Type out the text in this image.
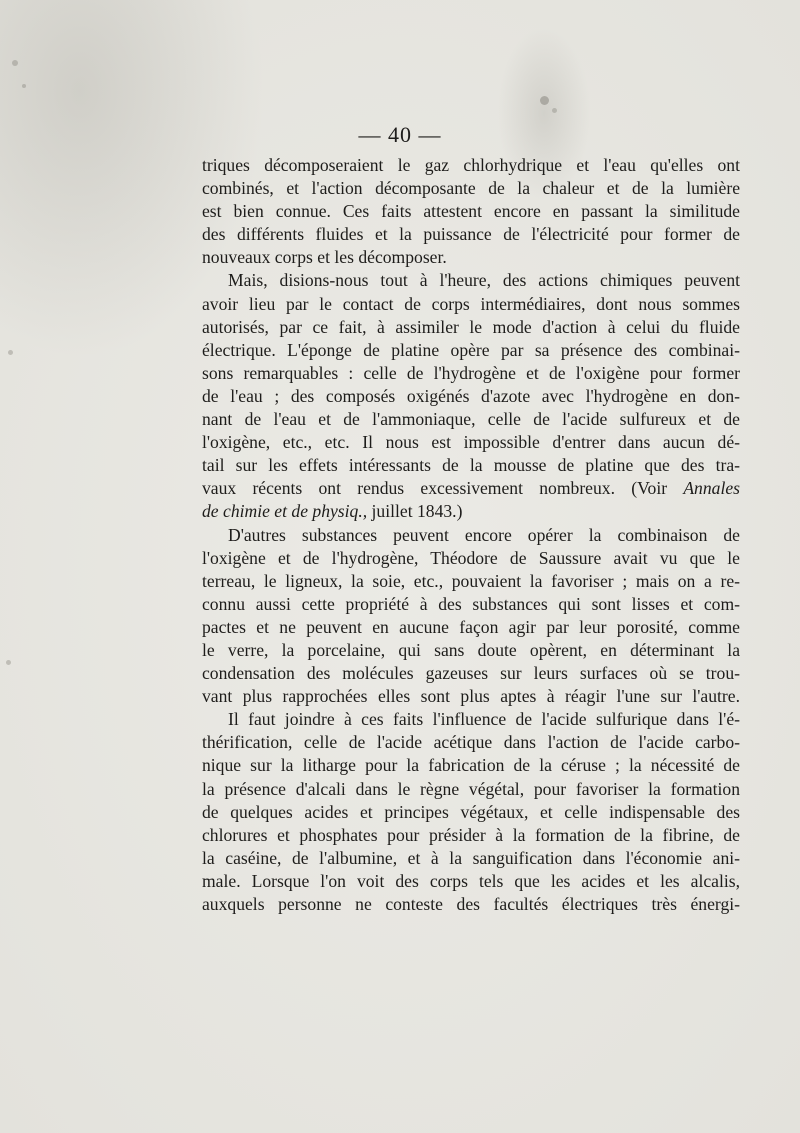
— 40 —
triques décomposeraient le gaz chlorhydrique et l'eau qu'elles ont
combinés, et l'action décomposante de la chaleur et de la lumière
est bien connue. Ces faits attestent encore en passant la similitude
des différents fluides et la puissance de l'électricité pour former de
nouveaux corps et les décomposer.
Mais, disions-nous tout à l'heure, des actions chimiques peuvent
avoir lieu par le contact de corps intermédiaires, dont nous sommes
autorisés, par ce fait, à assimiler le mode d'action à celui du fluide
électrique. L'éponge de platine opère par sa présence des combinai-
sons remarquables : celle de l'hydrogène et de l'oxigène pour former
de l'eau ; des composés oxigénés d'azote avec l'hydrogène en don-
nant de l'eau et de l'ammoniaque, celle de l'acide sulfureux et de
l'oxigène, etc., etc. Il nous est impossible d'entrer dans aucun dé-
tail sur les effets intéressants de la mousse de platine que des tra-
vaux récents ont rendus excessivement nombreux. (Voir Annales
de chimie et de physiq., juillet 1843.)
D'autres substances peuvent encore opérer la combinaison de
l'oxigène et de l'hydrogène, Théodore de Saussure avait vu que le
terreau, le ligneux, la soie, etc., pouvaient la favoriser ; mais on a re-
connu aussi cette propriété à des substances qui sont lisses et com-
pactes et ne peuvent en aucune façon agir par leur porosité, comme
le verre, la porcelaine, qui sans doute opèrent, en déterminant la
condensation des molécules gazeuses sur leurs surfaces où se trou-
vant plus rapprochées elles sont plus aptes à réagir l'une sur l'autre.
Il faut joindre à ces faits l'influence de l'acide sulfurique dans l'é-
thérification, celle de l'acide acétique dans l'action de l'acide carbo-
nique sur la litharge pour la fabrication de la céruse ; la nécessité de
la présence d'alcali dans le règne végétal, pour favoriser la formation
de quelques acides et principes végétaux, et celle indispensable des
chlorures et phosphates pour présider à la formation de la fibrine, de
la caséine, de l'albumine, et à la sanguification dans l'économie ani-
male. Lorsque l'on voit des corps tels que les acides et les alcalis,
auxquels personne ne conteste des facultés électriques très énergi-
